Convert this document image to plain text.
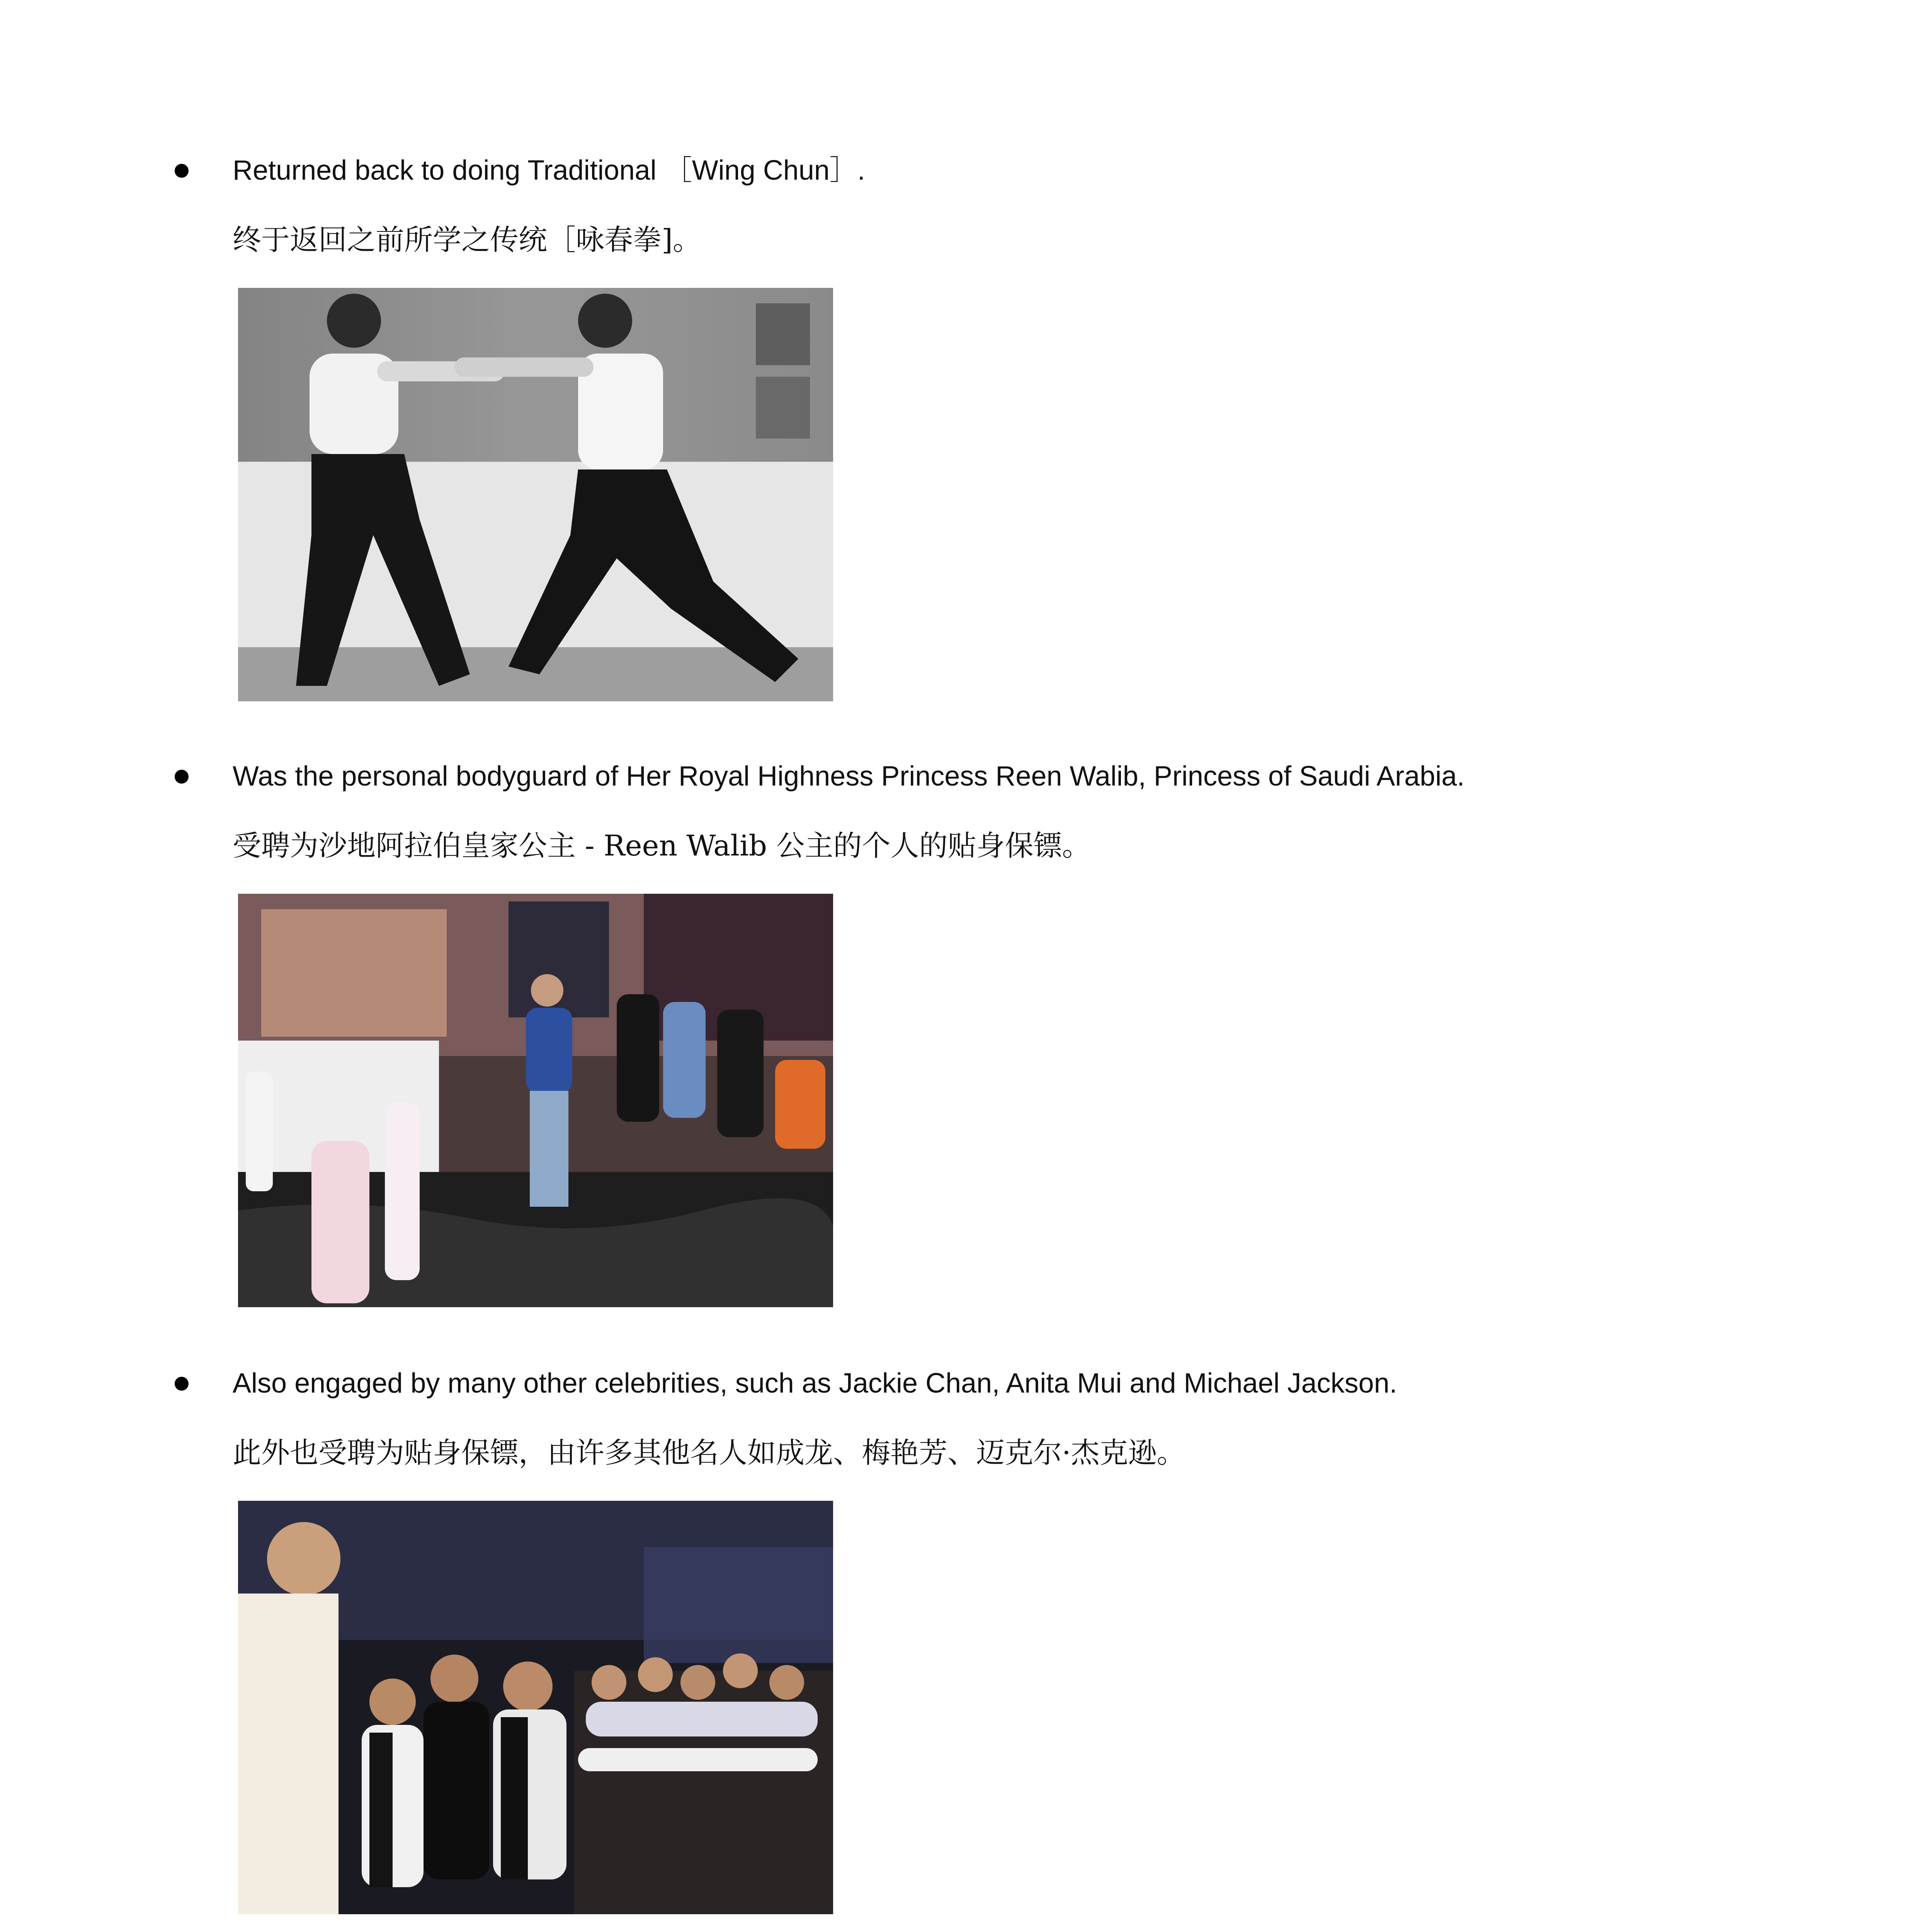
Returned back to doing Traditional ［Wing Chun］.
终于返回之前所学之传统［咏春拳]。
Was the personal bodyguard of Her Royal Highness Princess Reen Walib, Princess of Saudi Arabia.
受聘为沙地阿拉伯皇家公主 - Reen Walib 公主的个人的贴身保镖。
Also engaged by many other celebrities, such as Jackie Chan, Anita Mui and Michael Jackson.
此外也受聘为贴身保镖，由许多其他名人如成龙、梅艳芳、迈克尔·杰克逊。
